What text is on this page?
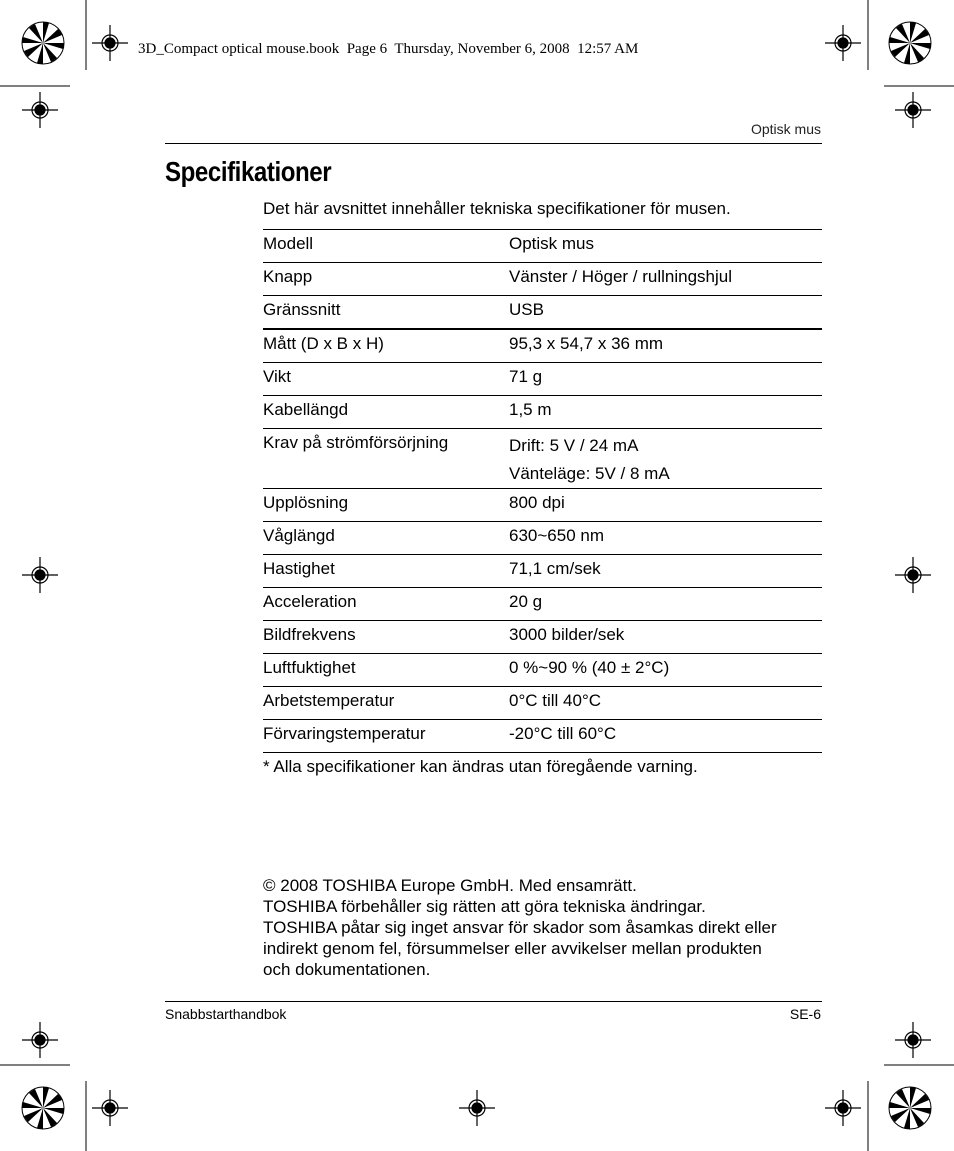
3D_Compact optical mouse.book  Page 6  Thursday, November 6, 2008  12:57 AM
Optisk mus
Specifikationer
Det här avsnittet innehåller tekniska specifikationer för musen.
Modell	Optisk mus
Knapp	Vänster / Höger / rullningshjul
Gränssnitt	USB
Mått (D x B x H)	95,3 x 54,7 x 36 mm
Vikt	71 g
Kabellängd	1,5 m
Krav på strömförsörjning	Drift: 5 V / 24 mA
Vänteläge: 5V / 8 mA

Upplösning	800 dpi
Våglängd	630~650 nm
Hastighet	71,1 cm/sek
Acceleration	20 g
Bildfrekvens	3000 bilder/sek
Luftfuktighet	0 %~90 % (40 ± 2°C)
Arbetstemperatur	0°C till 40°C
Förvaringstemperatur	-20°C till 60°C
* Alla specifikationer kan ändras utan föregående varning.
© 2008 TOSHIBA Europe GmbH. Med ensamrätt.
TOSHIBA förbehåller sig rätten att göra tekniska ändringar.
TOSHIBA påtar sig inget ansvar för skador som åsamkas direkt eller
indirekt genom fel, försummelser eller avvikelser mellan produkten
och dokumentationen.
Snabbstarthandbok	SE-6
